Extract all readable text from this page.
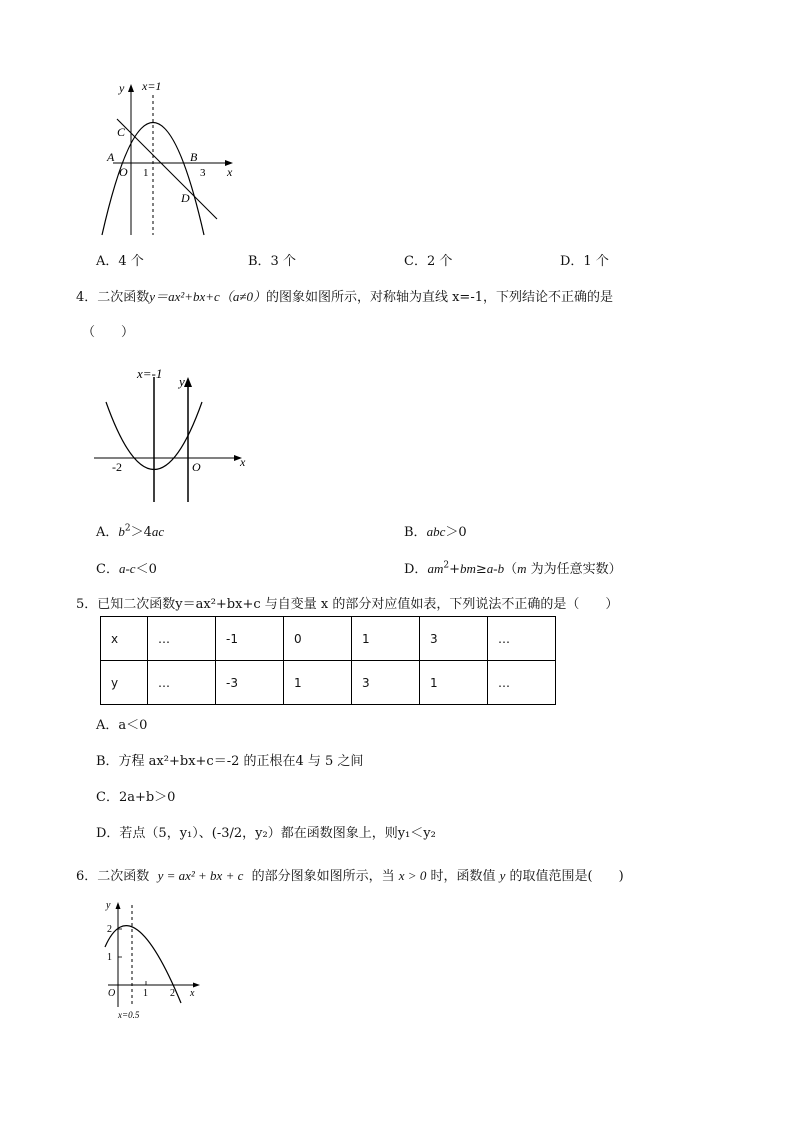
y x=1
C
A
O 1
B
3 x
D
A．4 个	B．3 个	C．2 个	D．1 个
4．二次函数y＝ax²+bx+c（a≠0）的图象如图所示，对称轴为直线 x=-1，下列结论不正确的是
（　　）
x=-1
y
-2	O	x
A．$b^2>4ac$	B．abc＞0
C．a-c＜0	D．$am^2+bm\ge a-b(m$ 为为任意实数）
5．已知二次函数y＝ax²+bx+c 与自变量 x 的部分对应值如表，下列说法不正确的是（　　）
x	…	-1	0	1	3	…
y	…	-3	1	3	1	…
A．a＜0
B．方程 ax²+bx+c＝-2 的正根在4 与 5 之间
C．2a+b＞0
D．若点（5，y₁）、(-3/2，y₂）都在函数图象上，则y₁＜y₂
6．二次函数 y = ax² + bx + c 的部分图象如图所示，当 x > 0 时，函数值 y 的取值范围是(　　)
y
2
1
O	1 2 x
x=0.5
